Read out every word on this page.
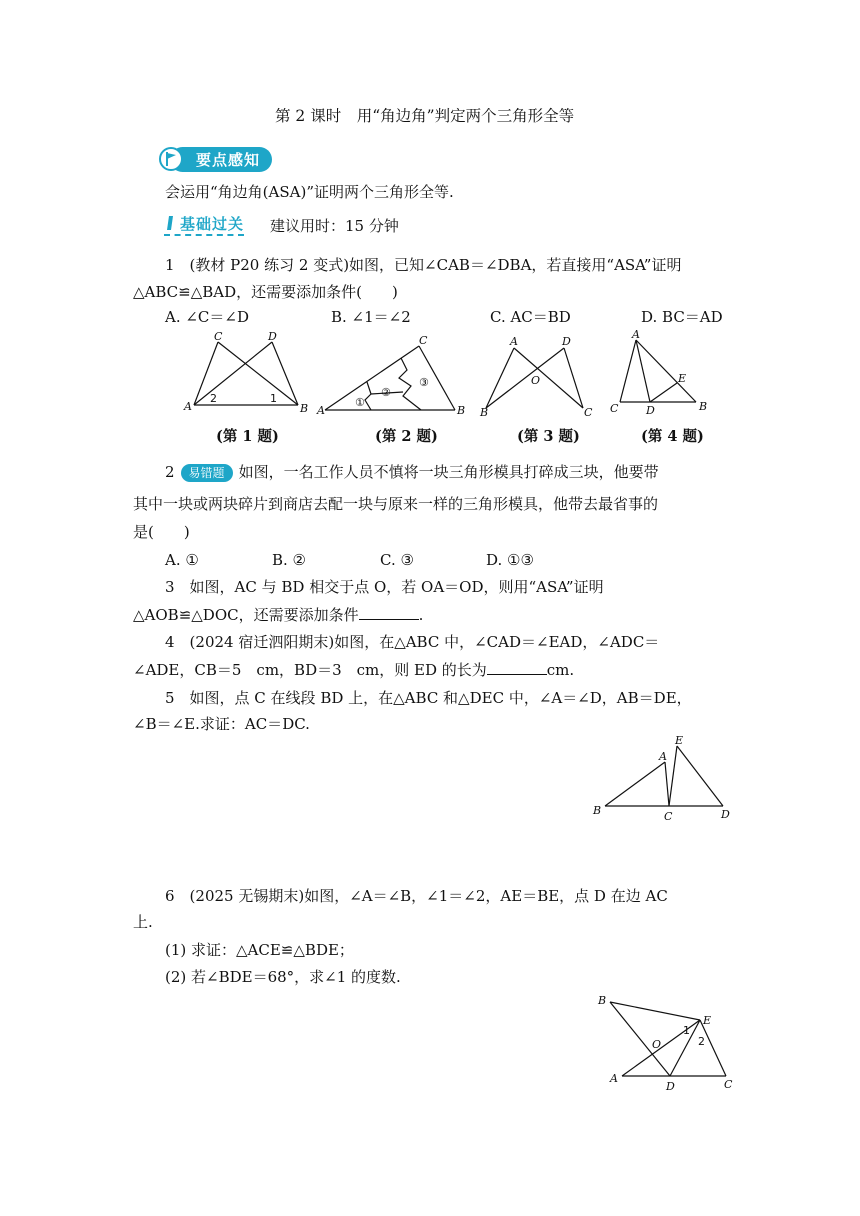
第 2 课时　用“角边角”判定两个三角形全等
要点感知
会运用“角边角(ASA)”证明两个三角形全等.
基础过关 建议用时：15 分钟
1　(教材 P20 练习 2 变式)如图，已知∠CAB＝∠DBA，若直接用“ASA”证明
△ABC≌△BAD，还需要添加条件(　　)
A. ∠C＝∠D	B. ∠1＝∠2	C. AC＝BD	D. BC＝AD
C	D
A	B
2	1
(第 1 题)
C
A	B
①
②
③
(第 2 题)
A	D
O
B	C
(第 3 题)
A
E
C	D	B
(第 4 题)
2 易错题 如图，一名工作人员不慎将一块三角形模具打碎成三块，他要带
其中一块或两块碎片到商店去配一块与原来一样的三角形模具，他带去最省事的
是(　　)
A. ①	B. ②	C. ③	D. ①③
3　如图，AC 与 BD 相交于点 O，若 OA＝OD，则用“ASA”证明
△AOB≌△DOC，还需要添加条件	.
4　(2024 宿迁泗阳期末)如图，在△ABC 中，∠CAD＝∠EAD，∠ADC＝
∠ADE，CB＝5　cm，BD＝3　cm，则 ED 的长为	cm.
5　如图，点 C 在线段 BD 上，在△ABC 和△DEC 中，∠A＝∠D，AB＝DE，
∠B＝∠E.求证：AC＝DC.
A
E
B	C	D
6　(2025 无锡期末)如图，∠A＝∠B，∠1＝∠2，AE＝BE，点 D 在边 AC
上.
(1) 求证：△ACE≌△BDE；
(2) 若∠BDE＝68°，求∠1 的度数.
B
E
1
2
O
A
D	C
